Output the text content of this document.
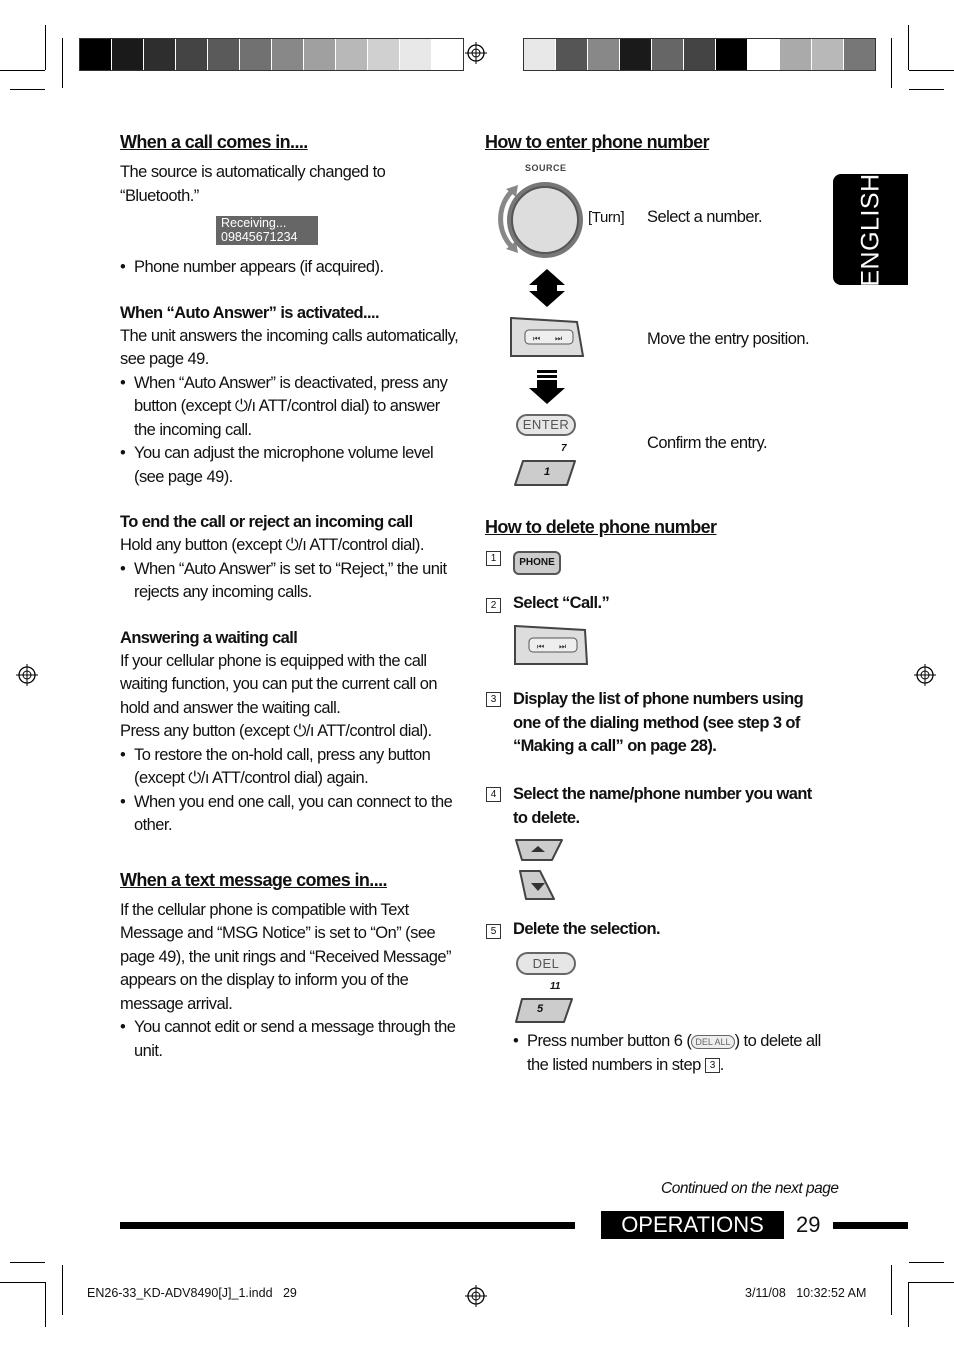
ENGLISH
When a call comes in....
The source is automatically changed to “Bluetooth.”
Receiving...
09845671234
• Phone number appears (if acquired).
When “Auto Answer” is activated....
The unit answers the incoming calls automatically, see page 49.
• When “Auto Answer” is deactivated, press any button (except ⏻/ı ATT/control dial) to answer the incoming call.
• You can adjust the microphone volume level (see page 49).
To end the call or reject an incoming call
Hold any button (except ⏻/ı ATT/control dial).
• When “Auto Answer” is set to “Reject,” the unit rejects any incoming calls.
Answering a waiting call
If your cellular phone is equipped with the call waiting function, you can put the current call on hold and answer the waiting call.
Press any button (except ⏻/ı ATT/control dial).
• To restore the on-hold call, press any button (except ⏻/ı ATT/control dial) again.
• When you end one call, you can connect to the other.
When a text message comes in....
If the cellular phone is compatible with Text Message and “MSG Notice” is set to “On” (see page 49), the unit rings and “Received Message” appears on the display to inform you of the message arrival.
• You cannot edit or send a message through the unit.
How to enter phone number
SOURCE
[Turn] Select a number.
⏮ ⏭	Move the entry position.
ENTER
7
1
Confirm the entry.
How to delete phone number
1	PHONE
2 Select “Call.”
⏮ ⏭
3 Display the list of phone numbers using one of the dialing method (see step 3 of “Making a call” on page 28).
4 Select the name/phone number you want to delete.
5 Delete the selection.
DEL
11
5
• Press number button 6 ( DEL ALL ) to delete all the listed numbers in step 3 .
Continued on the next page
OPERATIONS	29
EN26-33_KD-ADV8490[J]_1.indd   29	3/11/08   10:32:52 AM
